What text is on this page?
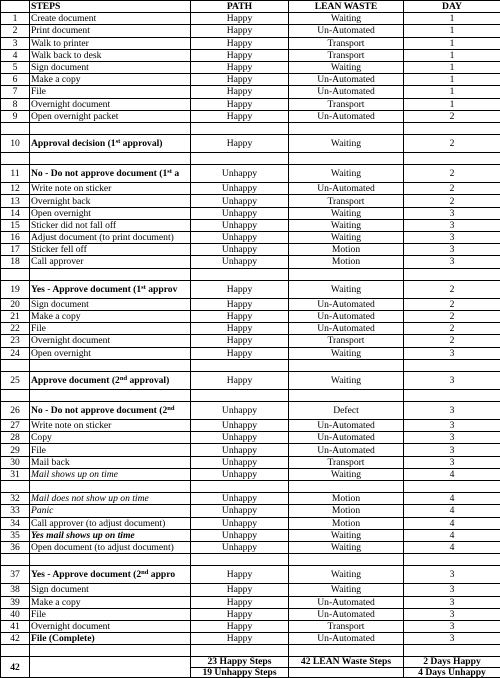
	STEPS	PATH	LEAN WASTE	DAY
1	Create document	Happy	Waiting	1
2	Print document	Happy	Un-Automated	1
3	Walk to printer	Happy	Transport	1
4	Walk back to desk	Happy	Transport	1
5	Sign document	Happy	Waiting	1
6	Make a copy	Happy	Un-Automated	1
7	File	Happy	Un-Automated	1
8	Overnight document	Happy	Transport	1
9	Open overnight packet	Happy	Un-Automated	2

10	Approval decision (1st approval)	Happy	Waiting	2

11	No - Do not approve document (1st a	Unhappy	Waiting	2
12	Write note on sticker	Unhappy	Un-Automated	2
13	Overnight back	Unhappy	Transport	2
14	Open overnight	Unhappy	Waiting	3
15	Sticker did not fall off	Unhappy	Waiting	3
16	Adjust document (to print document)	Unhappy	Waiting	3
17	Sticker fell off	Unhappy	Motion	3
18	Call approver	Unhappy	Motion	3

19	Yes - Approve document (1st approv	Happy	Waiting	2
20	Sign document	Happy	Un-Automated	2
21	Make a copy	Happy	Un-Automated	2
22	File	Happy	Un-Automated	2
23	Overnight document	Happy	Transport	2
24	Open overnight	Happy	Waiting	3

25	Approve document (2nd approval)	Happy	Waiting	3

26	No - Do not approve document (2nd	Unhappy	Defect	3
27	Write note on sticker	Unhappy	Un-Automated	3
28	Copy	Unhappy	Un-Automated	3
29	File	Unhappy	Un-Automated	3
30	Mail back	Unhappy	Transport	3
31	Mail shows up on time	Unhappy	Waiting	4

32	Mail does not show up on time	Unhappy	Motion	4
33	Panic	Unhappy	Motion	4
34	Call approver (to adjust document)	Unhappy	Motion	4
35	Yes mail shows up on time	Unhappy	Waiting	4
36	Open document (to adjust document)	Unhappy	Waiting	4

37	Yes - Approve document (2nd appro	Happy	Waiting	3
38	Sign document	Happy	Waiting	3
39	Make a copy	Happy	Un-Automated	3
40	File	Happy	Un-Automated	3
41	Overnight document	Happy	Transport	3
42	File (Complete)	Happy	Un-Automated	3

42		23 Happy Steps	42 LEAN Waste Steps	2 Days Happy
		19 Unhappy Steps		4 Days Unhappy
